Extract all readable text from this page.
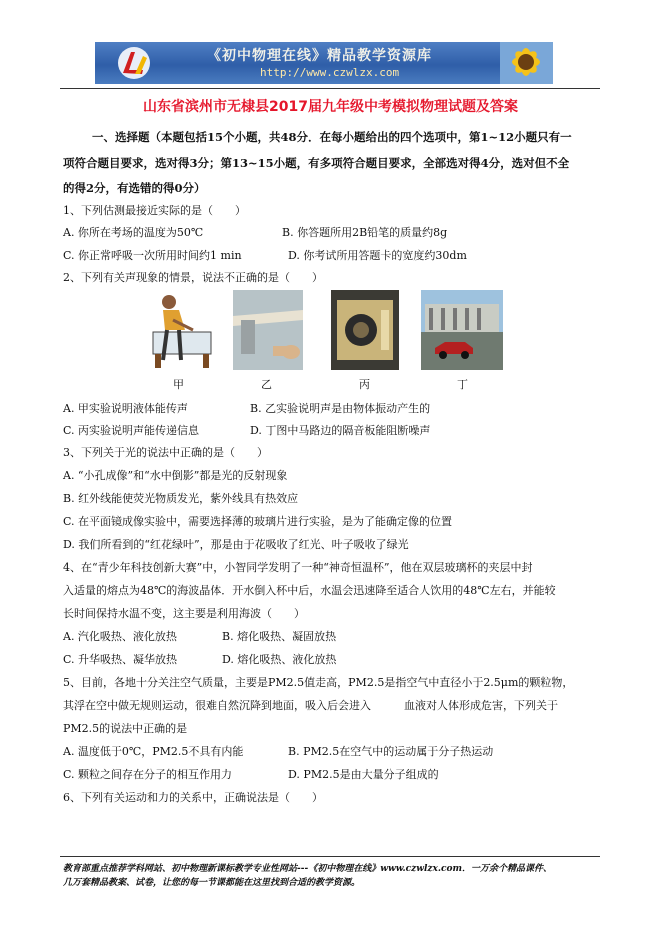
《初中物理在线》精品教学资源库
http://www.czwlzx.com
山东省滨州市无棣县2017届九年级中考模拟物理试题及答案
一、选择题（本题包括15个小题，共48分．在每小题给出的四个选项中，第1~12小题只有一
项符合题目要求，选对得3分；第13~15小题，有多项符合题目要求，全部选对得4分，选对但不全
的得2分，有选错的得0分）
1、下列估测最接近实际的是（　　）
A. 你所在考场的温度为50℃	B. 你答题所用2B铅笔的质量约8g
C. 你正常呼吸一次所用时间约1 min	D. 你考试所用答题卡的宽度约30dm
2、下列有关声现象的情景，说法不正确的是（　　）
甲	乙	丙	丁
A. 甲实验说明液体能传声	B. 乙实验说明声是由物体振动产生的
C. 丙实验说明声能传递信息	D. 丁图中马路边的隔音板能阻断噪声
3、下列关于光的说法中正确的是（　　）
A. “小孔成像”和“水中倒影”都是光的反射现象
B. 红外线能使荧光物质发光，紫外线具有热效应
C. 在平面镜成像实验中，需要选择薄的玻璃片进行实验，是为了能确定像的位置
D. 我们所看到的“红花绿叶”，那是由于花吸收了红光、叶子吸收了绿光
4、在“青少年科技创新大赛”中，小智同学发明了一种“神奇恒温杯”，他在双层玻璃杯的夹层中封
入适量的熔点为48℃的海波晶体．开水倒入杯中后，水温会迅速降至适合人饮用的48℃左右，并能较
长时间保持水温不变，这主要是利用海波（　　）
A. 汽化吸热、液化放热	B. 熔化吸热、凝固放热
C. 升华吸热、凝华放热	D. 熔化吸热、液化放热
5、目前，各地十分关注空气质量，主要是PM2.5值走高，PM2.5是指空气中直径小于2.5μm的颗粒物，
其浮在空中做无规则运动，很难自然沉降到地面，吸入后会进入　　　血液对人体形成危害，下列关于
PM2.5的说法中正确的是
A. 温度低于0℃，PM2.5不具有内能	B. PM2.5在空气中的运动属于分子热运动
C. 颗粒之间存在分子的相互作用力	D. PM2.5是由大量分子组成的
6、下列有关运动和力的关系中，正确说法是（　　）
教育部重点推荐学科网站、初中物理新课标教学专业性网站---《初中物理在线》www.czwlzx.com．一万余个精品课件、
几万套精品教案、试卷，让您的每一节课都能在这里找到合适的教学资源。
